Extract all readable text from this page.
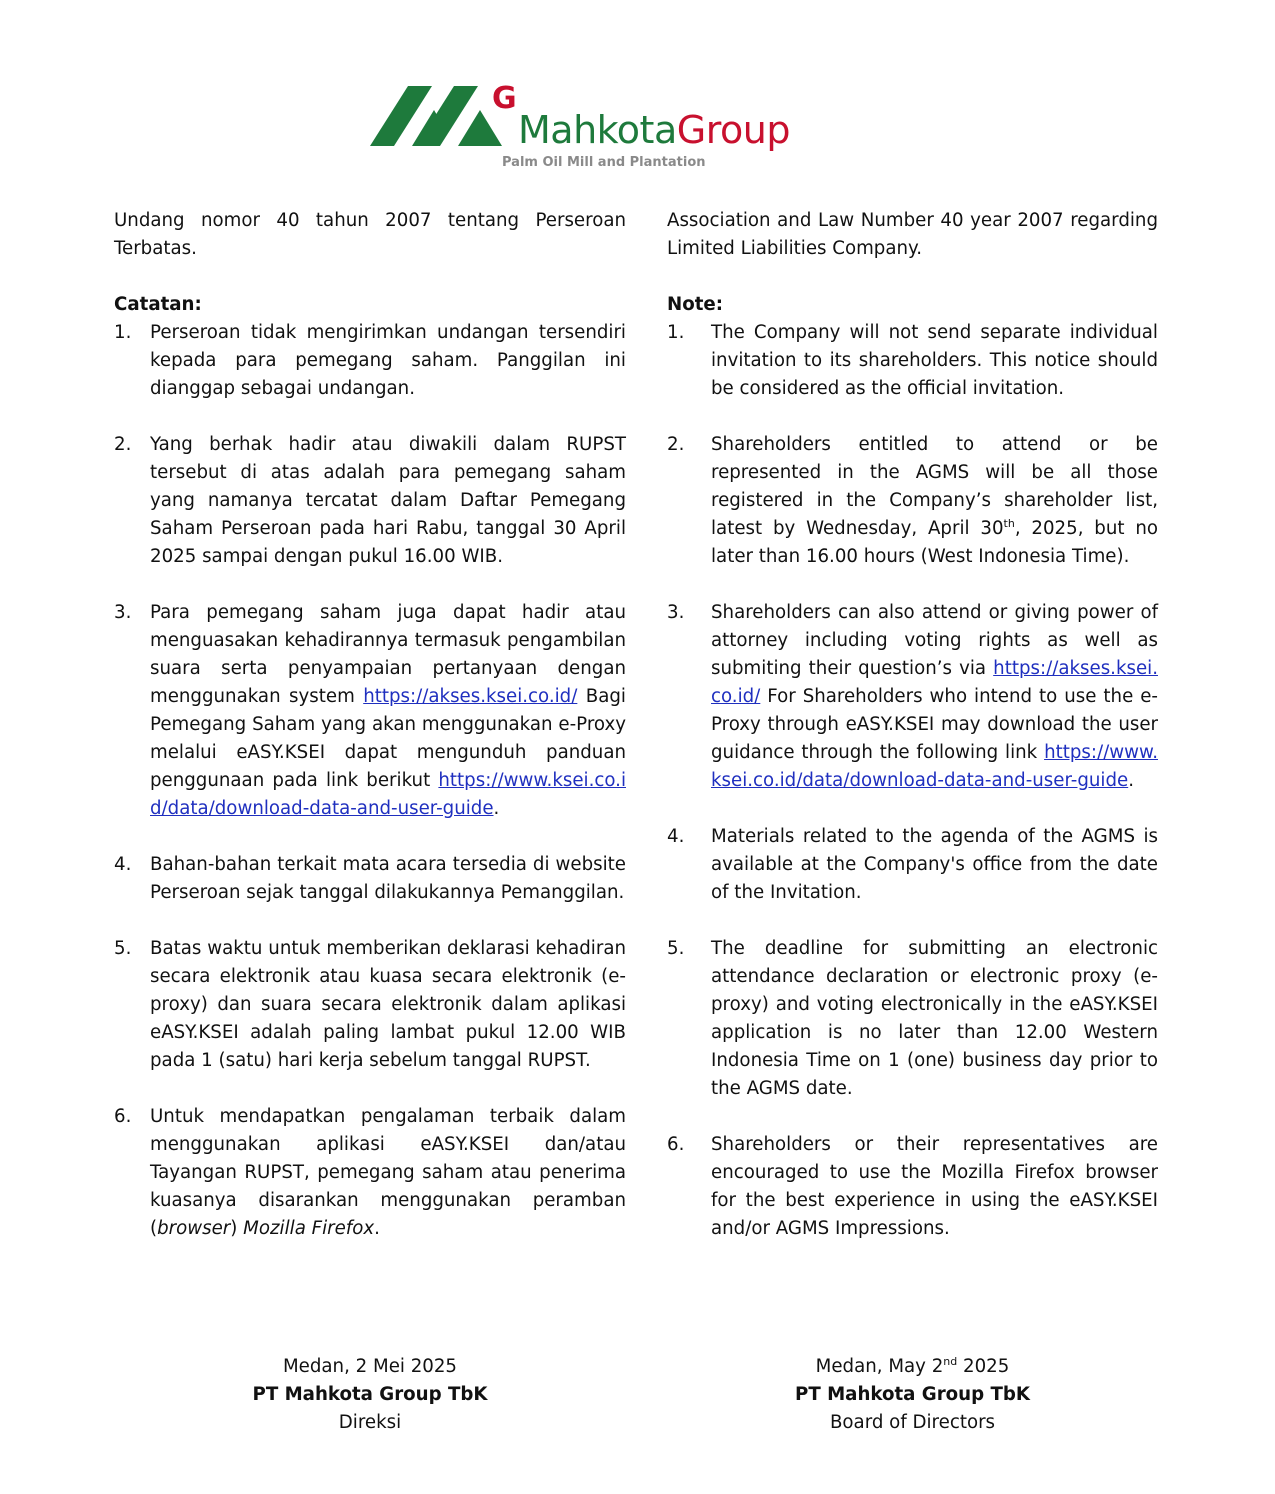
G
MahkotaGroup
Palm Oil Mill and Plantation

Undang nomor 40 tahun 2007 tentang Perseroan Terbatas.

Catatan:

1. Perseroan tidak mengirimkan undangan tersendiri kepada para pemegang saham. Panggilan ini dianggap sebagai undangan.
2. Yang berhak hadir atau diwakili dalam RUPST tersebut di atas adalah para pemegang saham yang namanya tercatat dalam Daftar Pemegang Saham Perseroan pada hari Rabu, tanggal 30 April 2025 sampai dengan pukul 16.00 WIB.
3. Para pemegang saham juga dapat hadir atau menguasakan kehadirannya termasuk pengambilan suara serta penyampaian pertanyaan dengan menggunakan system https://akses.ksei.co.id/ Bagi Pemegang Saham yang akan menggunakan e-Proxy melalui eASY.KSEI dapat mengunduh panduan penggunaan pada link berikut https://www.ksei.co.id/data/download-data-and-user-guide.
4. Bahan-bahan terkait mata acara tersedia di website Perseroan sejak tanggal dilakukannya Pemanggilan.
5. Batas waktu untuk memberikan deklarasi kehadiran secara elektronik atau kuasa secara elektronik (e-proxy) dan suara secara elektronik dalam aplikasi eASY.KSEI adalah paling lambat pukul 12.00 WIB pada 1 (satu) hari kerja sebelum tanggal RUPST.
6. Untuk mendapatkan pengalaman terbaik dalam menggunakan aplikasi eASY.KSEI dan/atau Tayangan RUPST, pemegang saham atau penerima kuasanya disarankan menggunakan peramban (browser) Mozilla Firefox.

Association and Law Number 40 year 2007 regarding Limited Liabilities Company.

Note:

1. The Company will not send separate individual invitation to its shareholders. This notice should be considered as the official invitation.
2. Shareholders entitled to attend or be represented in the AGMS will be all those registered in the Company’s shareholder list, latest by Wednesday, April 30th, 2025, but no later than 16.00 hours (West Indonesia Time).
3. Shareholders can also attend or giving power of attorney including voting rights as well as submiting their question’s via https://akses.ksei.co.id/ For Shareholders who intend to use the e-Proxy through eASY.KSEI may download the user guidance through the following link https://www.ksei.co.id/data/download-data-and-user-guide.
4. Materials related to the agenda of the AGMS is available at the Company's office from the date of the Invitation.
5. The deadline for submitting an electronic attendance declaration or electronic proxy (e-proxy) and voting electronically in the eASY.KSEI application is no later than 12.00 Western Indonesia Time on 1 (one) business day prior to the AGMS date.
6. Shareholders or their representatives are encouraged to use the Mozilla Firefox browser for the best experience in using the eASY.KSEI and/or AGMS Impressions.
Medan, 2 Mei 2025
PT Mahkota Group TbK
Direksi
Medan, May 2nd 2025
PT Mahkota Group TbK
Board of Directors
